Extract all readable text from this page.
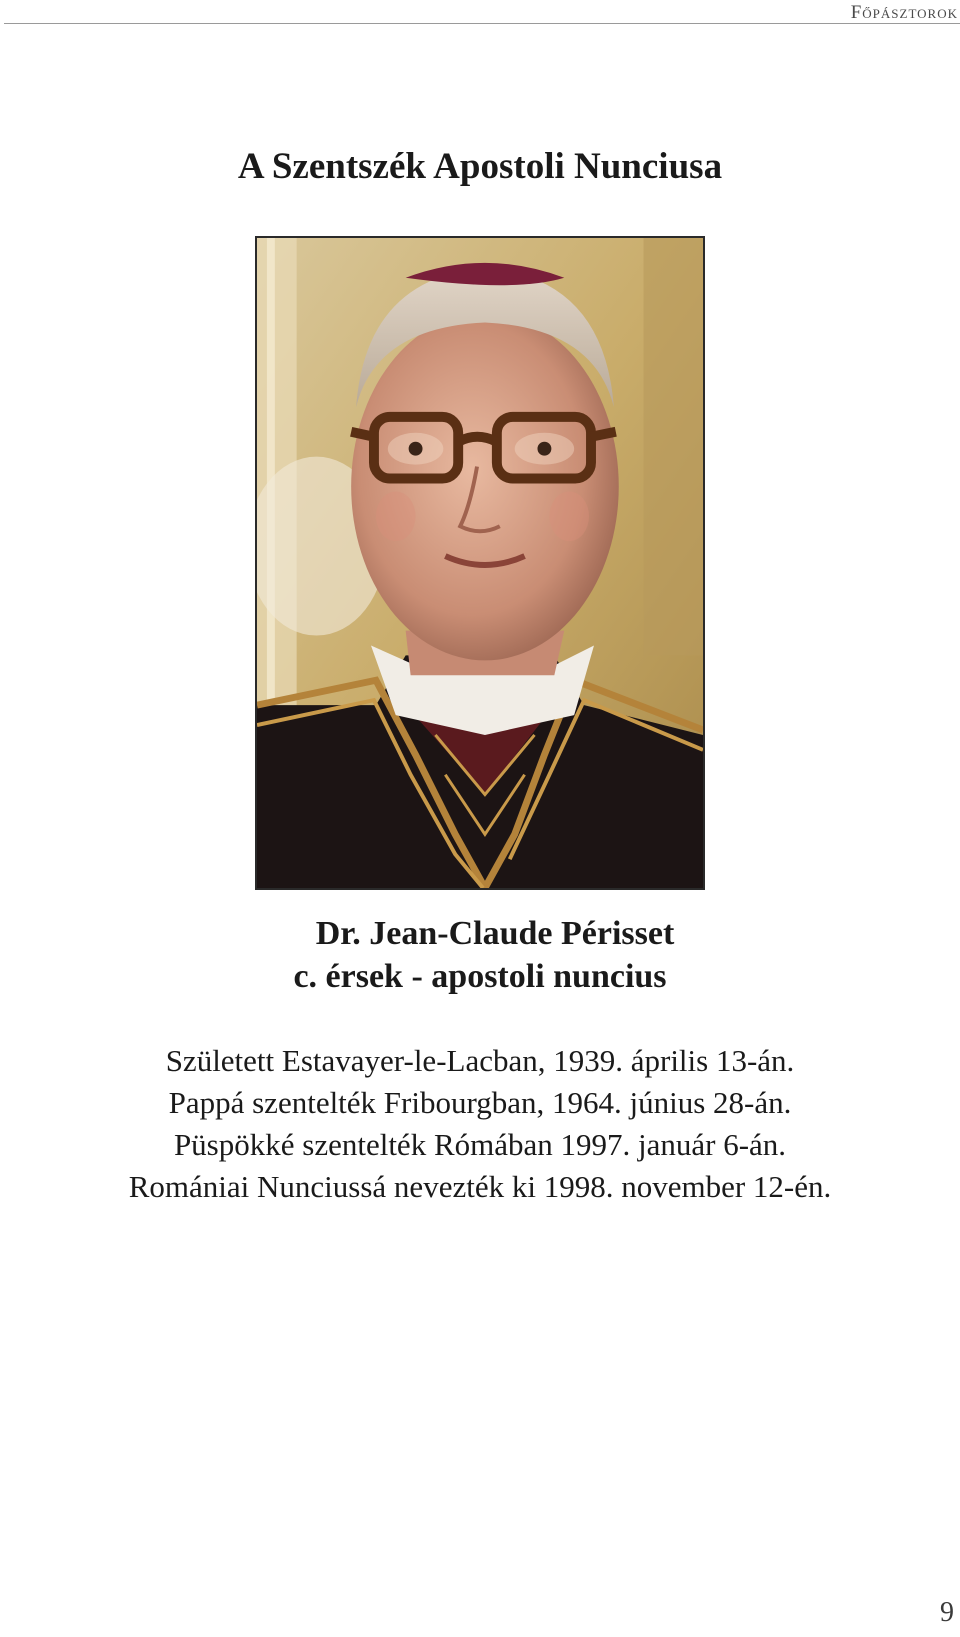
Főpásztorok
A Szentszék Apostoli Nunciusa
Dr. Jean-Claude Périsset
c. érsek - apostoli nuncius
Született Estavayer-le-Lacban, 1939. április 13-án.
Pappá szentelték Fribourgban, 1964. június 28-án.
Püspökké szentelték Rómában 1997. január 6-án.
Romániai Nunciussá nevezték ki 1998. november 12-én.
9
